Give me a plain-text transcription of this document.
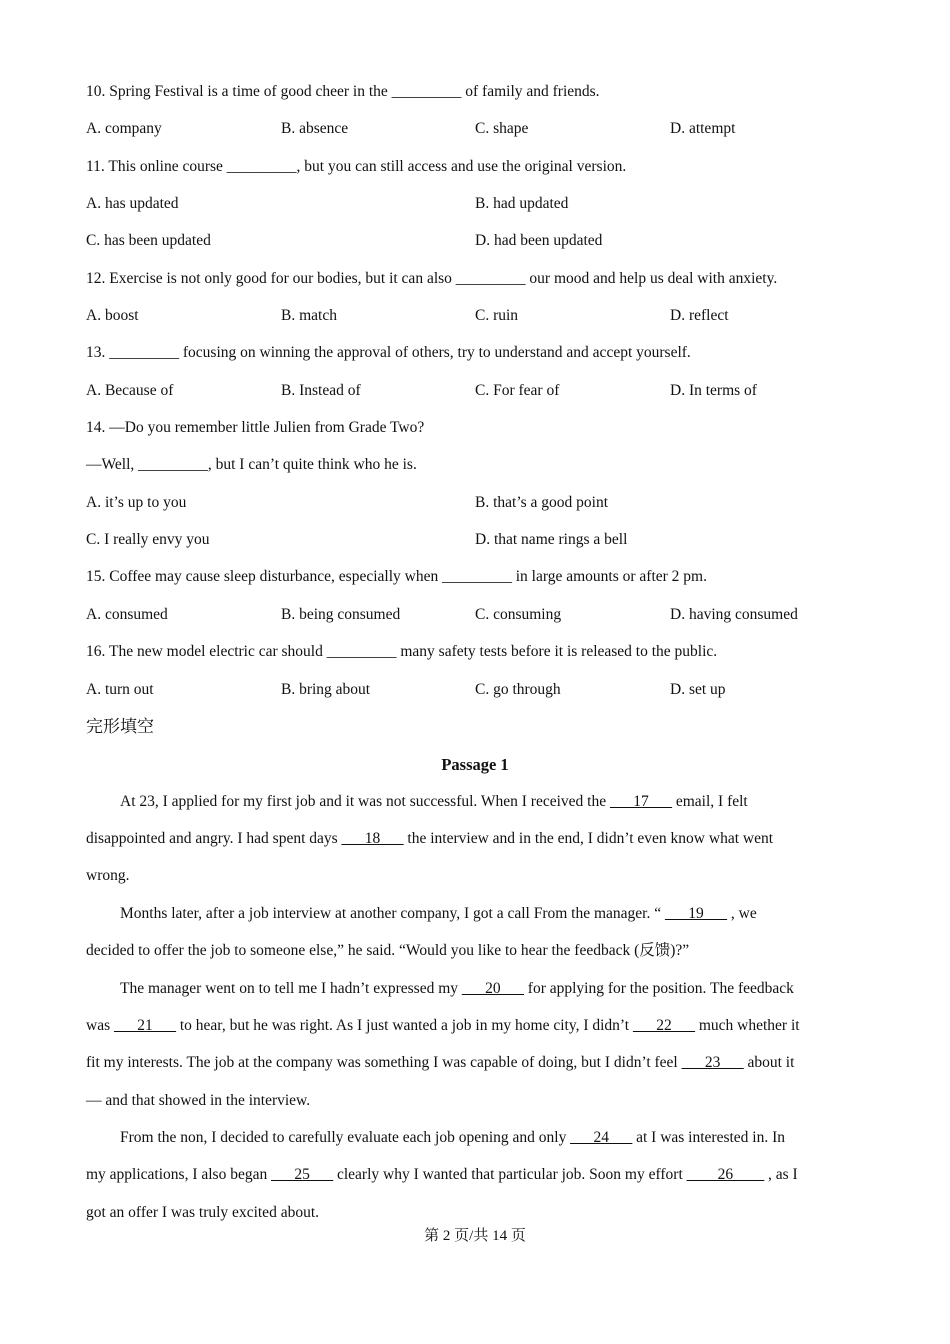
10. Spring Festival is a time of good cheer in the _________ of family and friends.
A. company	B. absence	C. shape	D. attempt
11. This online course _________, but you can still access and use the original version.
A. has updated	B. had updated
C. has been updated	D. had been updated
12. Exercise is not only good for our bodies, but it can also _________ our mood and help us deal with anxiety.
A. boost	B. match	C. ruin	D. reflect
13. _________ focusing on winning the approval of others, try to understand and accept yourself.
A. Because of	B. Instead of	C. For fear of	D. In terms of
14. —Do you remember little Julien from Grade Two?
—Well, _________, but I can’t quite think who he is.
A. it’s up to you	B. that’s a good point
C. I really envy you	D. that name rings a bell
15. Coffee may cause sleep disturbance, especially when _________ in large amounts or after 2 pm.
A. consumed	B. being consumed	C. consuming	D. having consumed
16. The new model electric car should _________ many safety tests before it is released to the public.
A. turn out	B. bring about	C. go through	D. set up
完形填空
Passage 1
At 23, I applied for my first job and it was not successful. When I received the ___17___ email, I felt
disappointed and angry. I had spent days ___18___ the interview and in the end, I didn’t even know what went
wrong.
Months later, after a job interview at another company, I got a call From the manager. “ ___19___ , we
decided to offer the job to someone else,” he said. “Would you like to hear the feedback (反馈)?”
The manager went on to tell me I hadn’t expressed my ___20___ for applying for the position. The feedback
was ___21___ to hear, but he was right. As I just wanted a job in my home city, I didn’t ___22___ much whether it
fit my interests. The job at the company was something I was capable of doing, but I didn’t feel ___23___ about it
— and that showed in the interview.
From the non, I decided to carefully evaluate each job opening and only ___24___ at I was interested in. In
my applications, I also began ___25___ clearly why I wanted that particular job. Soon my effort ____26____ , as I
got an offer I was truly excited about.
第 2 页/共 14 页
